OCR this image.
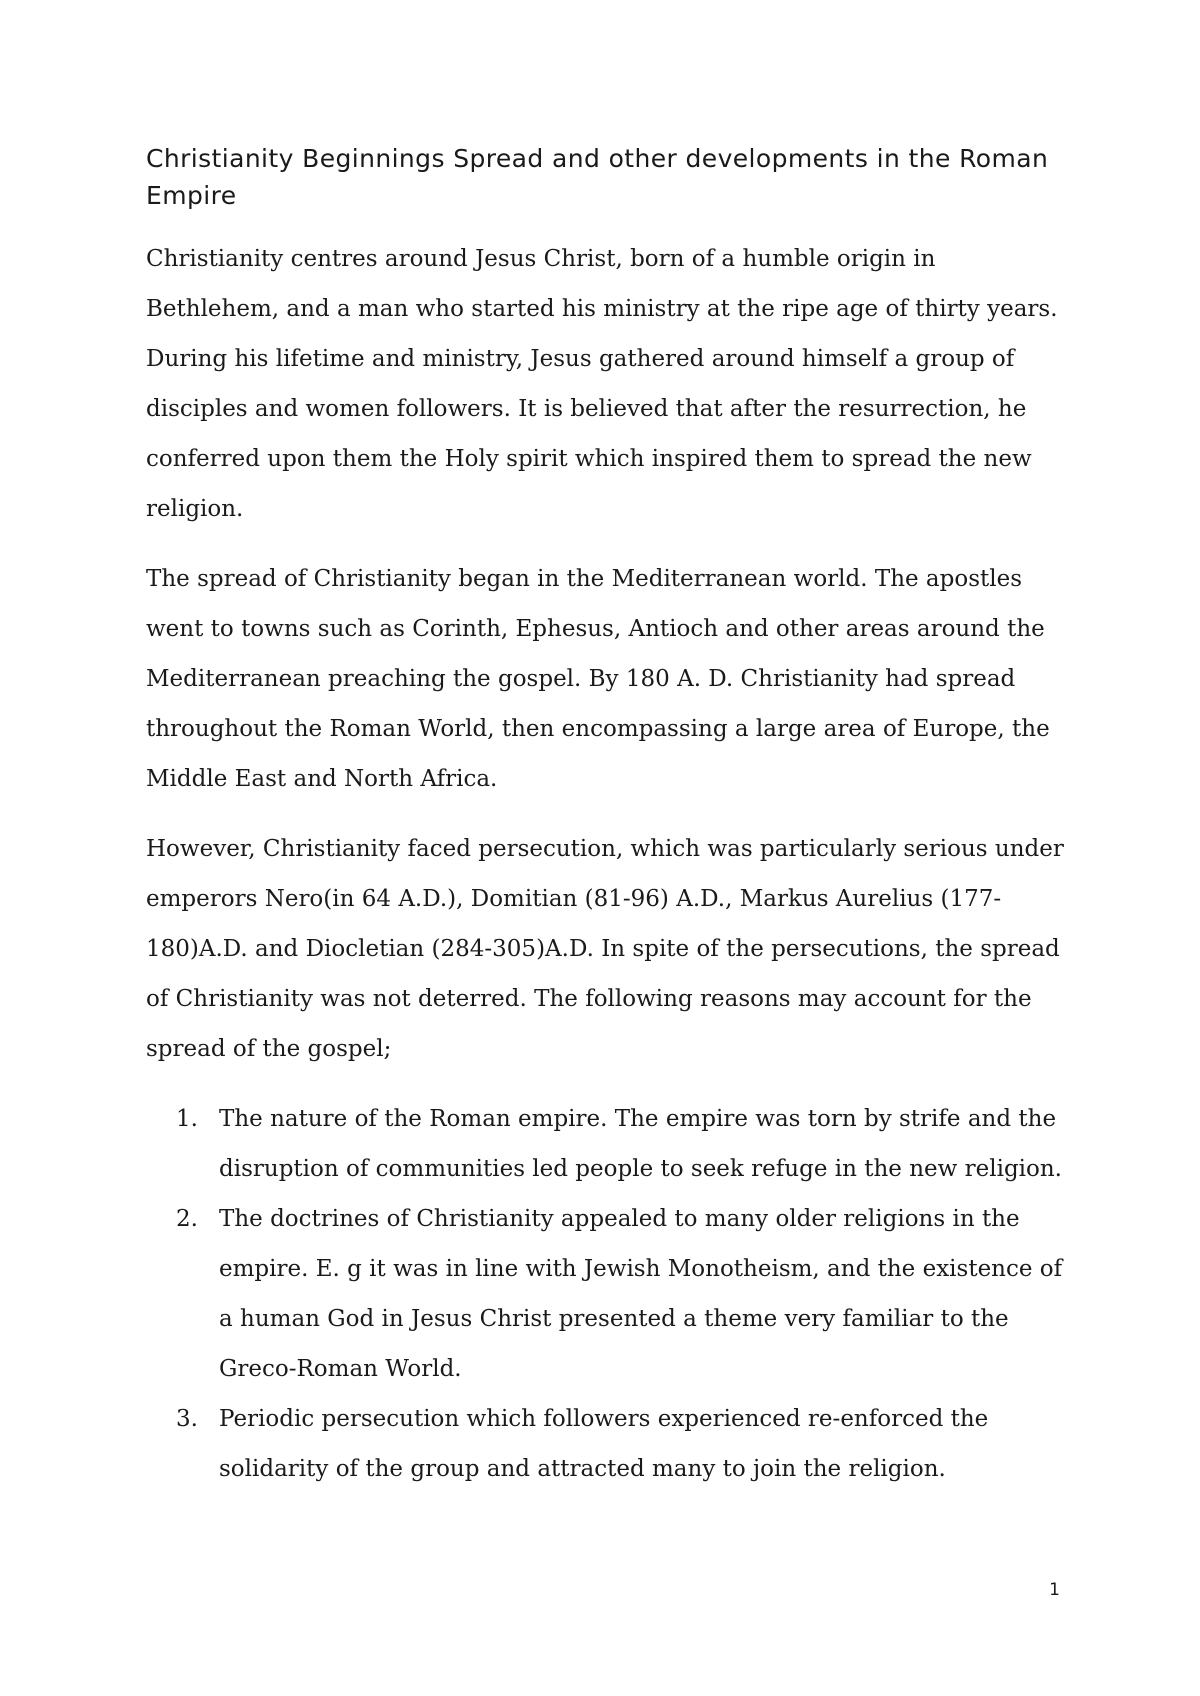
Christianity Beginnings Spread and other developments in the Roman Empire

Christianity centres around Jesus Christ, born of a humble origin in Bethlehem, and a man who started his ministry at the ripe age of thirty years. During his lifetime and ministry, Jesus gathered around himself a group of disciples and women followers. It is believed that after the resurrection, he conferred upon them the Holy spirit which inspired them to spread the new religion.

The spread of Christianity began in the Mediterranean world. The apostles went to towns such as Corinth, Ephesus, Antioch and other areas around the Mediterranean preaching the gospel. By 180 A. D. Christianity had spread throughout the Roman World, then encompassing a large area of Europe, the Middle East and North Africa.

However, Christianity faced persecution, which was particularly serious under emperors Nero(in 64 A.D.), Domitian (81-96) A.D., Markus Aurelius (177-180)A.D. and Diocletian (284-305)A.D. In spite of the persecutions, the spread of Christianity was not deterred. The following reasons may account for the spread of the gospel;

1. The nature of the Roman empire. The empire was torn by strife and the disruption of communities led people to seek refuge in the new religion.
2. The doctrines of Christianity appealed to many older religions in the empire. E. g it was in line with Jewish Monotheism, and the existence of a human God in Jesus Christ presented a theme very familiar to the Greco-Roman World.
3. Periodic persecution which followers experienced re-enforced the solidarity of the group and attracted many to join the religion.
1
